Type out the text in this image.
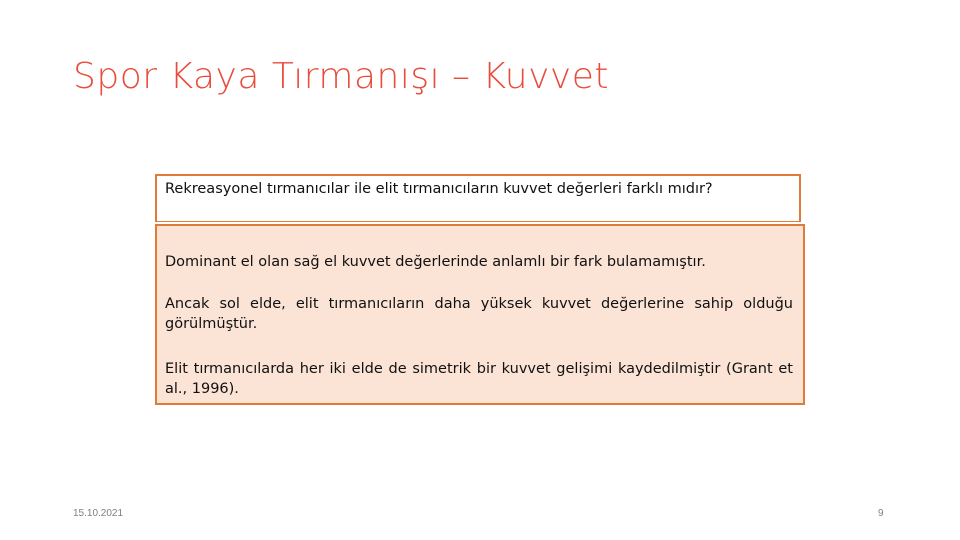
Spor Kaya Tırmanışı – Kuvvet
Rekreasyonel tırmanıcılar ile elit tırmanıcıların kuvvet değerleri farklı mıdır?
Dominant el olan sağ el kuvvet değerlerinde anlamlı bir fark bulamamıştır.
Ancak sol elde, elit tırmanıcıların daha yüksek kuvvet değerlerine sahip olduğu görülmüştür.
Elit tırmanıcılarda her iki elde de simetrik bir kuvvet gelişimi kaydedilmiştir (Grant et al., 1996).
15.10.2021	9
